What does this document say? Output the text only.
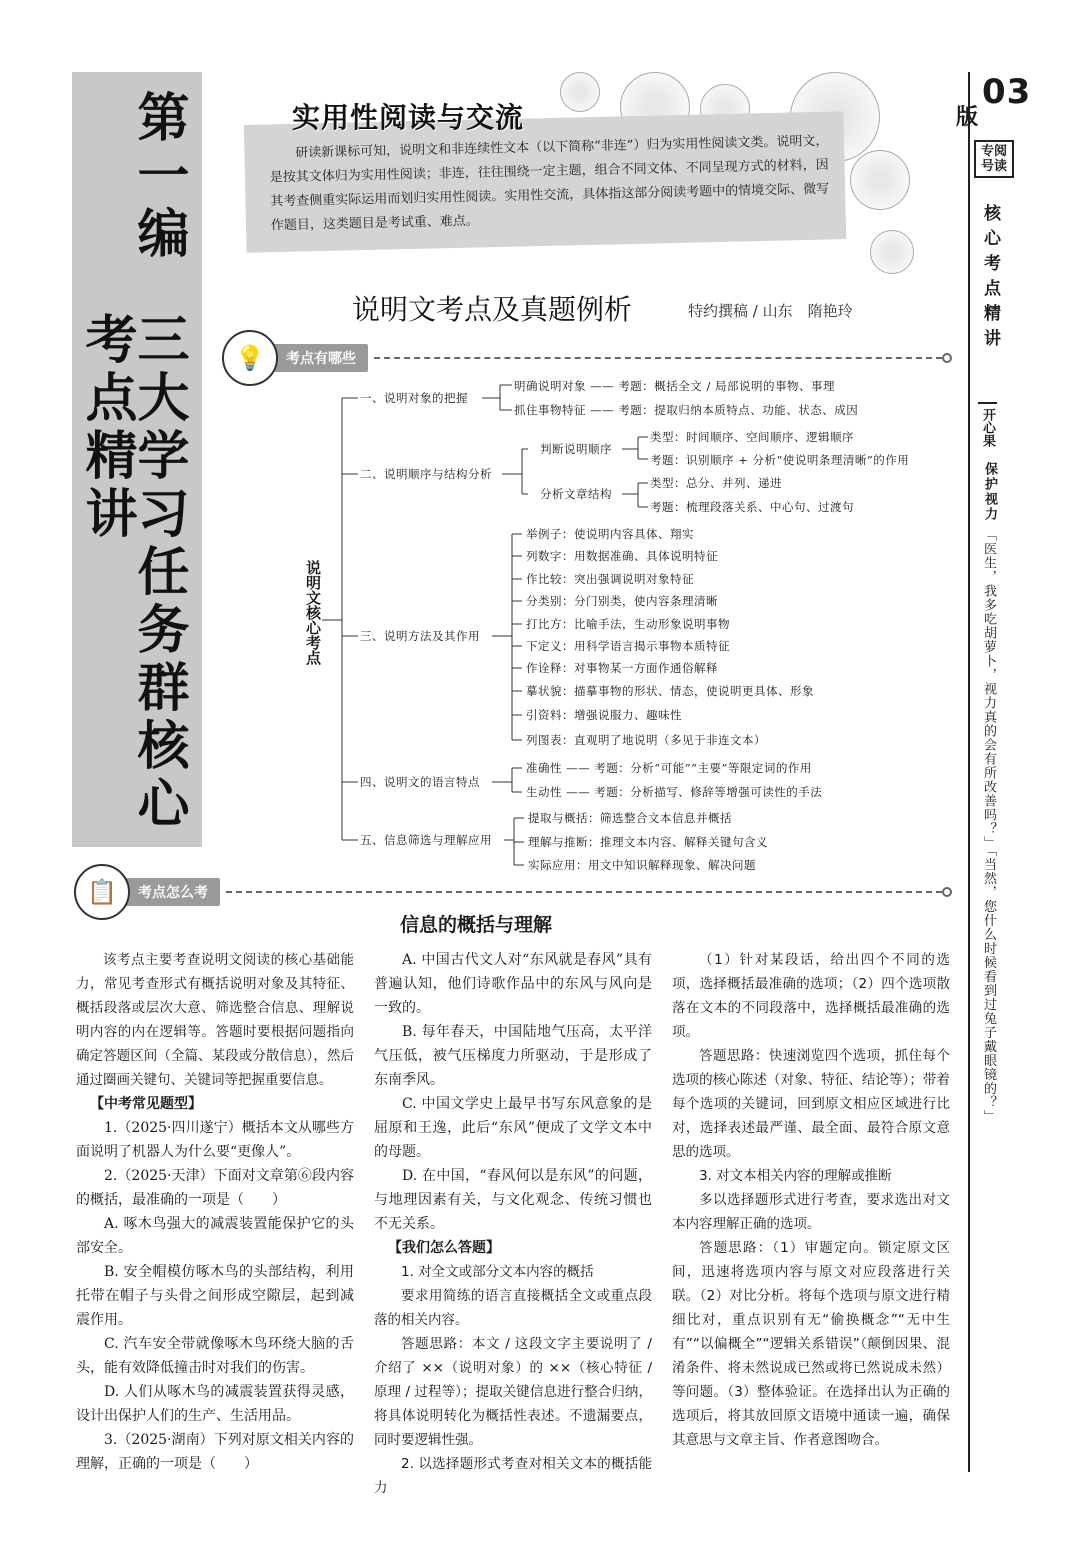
第一编
三大学习任务群核心考点精讲
03
版
专阅号读
核心考点精讲
开心果
保护视力
「医生，我多吃胡萝卜，视力真的会有所改善吗？」「当然，您什么时候看到过兔子戴眼镜的？」
实用性阅读与交流
研读新课标可知，说明文和非连续性文本（以下简称“非连”）归为实用性阅读文类。说明文，是按其文体归为实用性阅读；非连，往往围绕一定主题，组合不同文体、不同呈现方式的材料，因其考查侧重实际运用而划归实用性阅读。实用性交流，具体指这部分阅读考题中的情境交际、微写作题目，这类题目是考试重、难点。
说明文考点及真题例析	特约撰稿 / 山东　隋艳玲
💡	考点有哪些
说明文核心考点
一、说明对象的把握
明确说明对象 —— 考题：概括全文 / 局部说明的事物、事理
抓住事物特征 —— 考题：提取归纳本质特点、功能、状态、成因
二、说明顺序与结构分析
判断说明顺序
类型：时间顺序、空间顺序、逻辑顺序
考题：识别顺序 + 分析“使说明条理清晰”的作用
分析文章结构
类型：总分、并列、递进
考题：梳理段落关系、中心句、过渡句
三、说明方法及其作用
举例子：使说明内容具体、翔实
列数字：用数据准确、具体说明特征
作比较：突出强调说明对象特征
分类别：分门别类，使内容条理清晰
打比方：比喻手法，生动形象说明事物
下定义：用科学语言揭示事物本质特征
作诠释：对事物某一方面作通俗解释
摹状貌：描摹事物的形状、情态，使说明更具体、形象
引资料：增强说服力、趣味性
列图表：直观明了地说明（多见于非连文本）
四、说明文的语言特点
准确性 —— 考题：分析“可能”“主要”等限定词的作用
生动性 —— 考题：分析描写、修辞等增强可读性的手法
五、信息筛选与理解应用
提取与概括：筛选整合文本信息并概括
理解与推断：推理文本内容、解释关键句含义
实际应用：用文中知识解释现象、解决问题
📋	考点怎么考
信息的概括与理解

该考点主要考查说明文阅读的核心基础能力，常见考查形式有概括说明对象及其特征、概括段落或层次大意、筛选整合信息、理解说明内容的内在逻辑等。答题时要根据问题指向确定答题区间（全篇、某段或分散信息），然后通过圈画关键句、关键词等把握重要信息。

【中考常见题型】

1.（2025·四川遂宁）概括本文从哪些方面说明了机器人为什么要“更像人”。

2.（2025·天津）下面对文章第⑥段内容的概括，最准确的一项是（　　）

A. 啄木鸟强大的减震装置能保护它的头部安全。

B. 安全帽模仿啄木鸟的头部结构，利用托带在帽子与头骨之间形成空隙层，起到减震作用。

C. 汽车安全带就像啄木鸟环绕大脑的舌头，能有效降低撞击时对我们的伤害。

D. 人们从啄木鸟的减震装置获得灵感，设计出保护人们的生产、生活用品。

3.（2025·湖南）下列对原文相关内容的理解，正确的一项是（　　）

A. 中国古代文人对“东风就是春风”具有普遍认知，他们诗歌作品中的东风与风向是一致的。

B. 每年春天，中国陆地气压高，太平洋气压低，被气压梯度力所驱动，于是形成了东南季风。

C. 中国文学史上最早书写东风意象的是屈原和王逸，此后“东风”便成了文学文本中的母题。

D. 在中国，“春风何以是东风”的问题，与地理因素有关，与文化观念、传统习惯也不无关系。

【我们怎么答题】

1. 对全文或部分文本内容的概括

要求用简练的语言直接概括全文或重点段落的相关内容。

答题思路：本文 / 这段文字主要说明了 / 介绍了 ××（说明对象）的 ××（核心特征 / 原理 / 过程等）；提取关键信息进行整合归纳，将具体说明转化为概括性表述。不遗漏要点，同时要逻辑性强。

2. 以选择题形式考查对相关文本的概括能力

（1）针对某段话，给出四个不同的选项，选择概括最准确的选项；（2）四个选项散落在文本的不同段落中，选择概括最准确的选项。

答题思路：快速浏览四个选项，抓住每个选项的核心陈述（对象、特征、结论等）；带着每个选项的关键词，回到原文相应区域进行比对，选择表述最严谨、最全面、最符合原文意思的选项。

3. 对文本相关内容的理解或推断

多以选择题形式进行考查，要求选出对文本内容理解正确的选项。

答题思路：（1）审题定向。锁定原文区间，迅速将选项内容与原文对应段落进行关联。（2）对比分析。将每个选项与原文进行精细比对，重点识别有无“偷换概念”“无中生有”“以偏概全”“逻辑关系错误”（颠倒因果、混淆条件、将未然说成已然或将已然说成未然）等问题。（3）整体验证。在选择出认为正确的选项后，将其放回原文语境中通读一遍，确保其意思与文章主旨、作者意图吻合。
